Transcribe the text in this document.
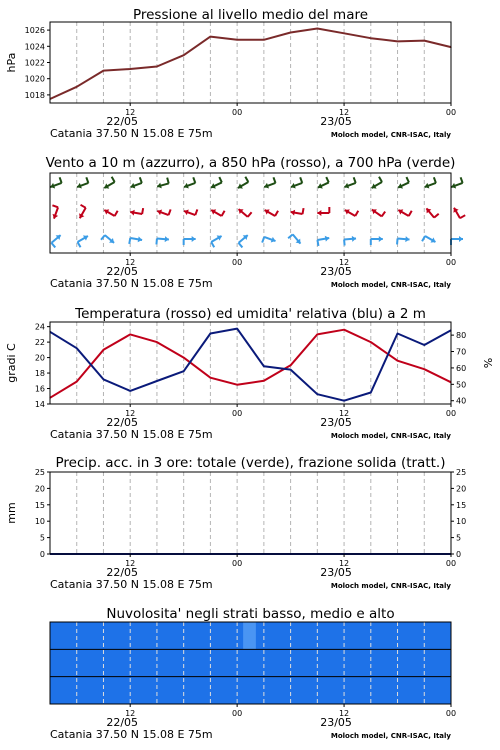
Pressione al livello medio del mare
1018
1020
1022
1024
1026
hPa
12	00	12	00
22/05	23/05
Catania 37.50 N 15.08 E 75m	Moloch model, CNR-ISAC, Italy
Vento a 10 m (azzurro), a 850 hPa (rosso), a 700 hPa (verde)
12	00	12	00
22/05	23/05
Catania 37.50 N 15.08 E 75m	Moloch model, CNR-ISAC, Italy
Temperatura (rosso) ed umidita' relativa (blu) a 2 m
14
16
18
20
22
24
gradi C
40
50
60
70
80
%
12	00	12	00
22/05	23/05
Catania 37.50 N 15.08 E 75m	Moloch model, CNR-ISAC, Italy
Precip. acc. in 3 ore: totale (verde), frazione solida (tratt.)
0
5
10
15
20
25
mm
0
5
10
15
20
25
12	00	12	00
22/05	23/05
Catania 37.50 N 15.08 E 75m	Moloch model, CNR-ISAC, Italy
Nuvolosita' negli strati basso, medio e alto
12	00	12	00
22/05	23/05
Catania 37.50 N 15.08 E 75m	Moloch model, CNR-ISAC, Italy
